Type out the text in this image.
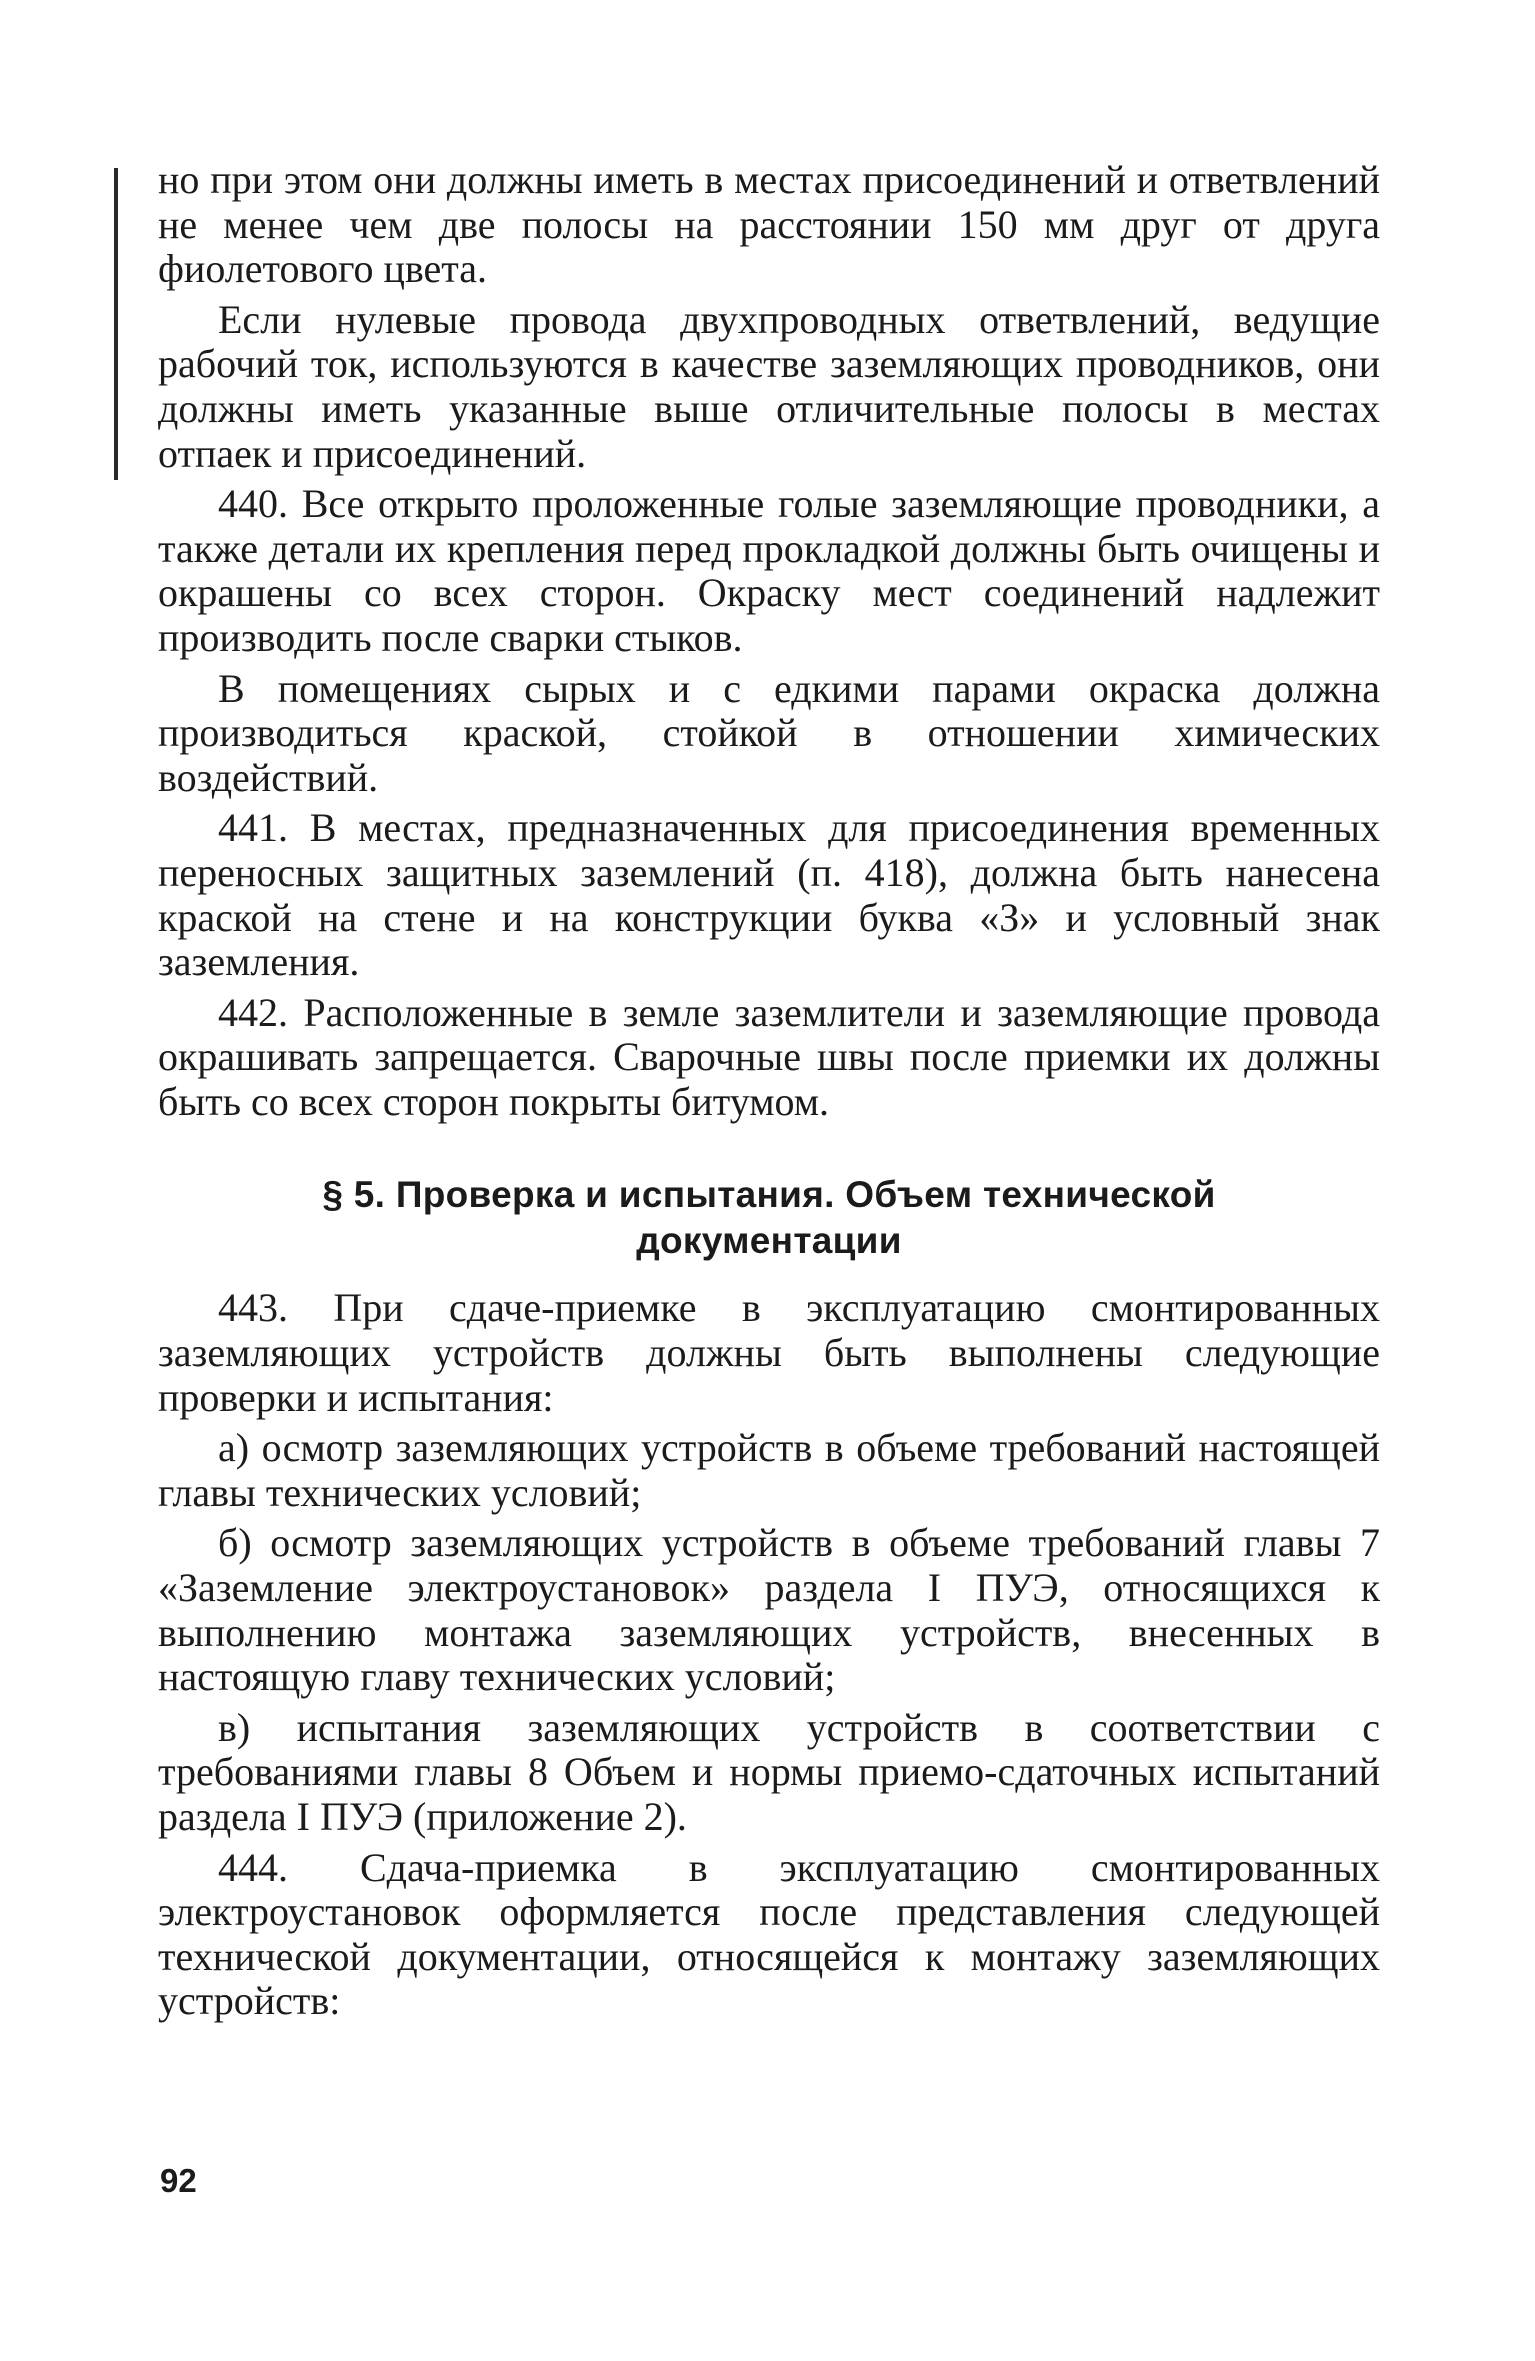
но при этом они должны иметь в местах присоединений и ответвлений не менее чем две полосы на расстоянии 150 мм друг от друга фиолетового цвета.

Если нулевые провода двухпроводных ответвлений, ведущие рабочий ток, используются в качестве заземляющих проводников, они должны иметь указанные выше отличительные полосы в местах отпаек и присоединений.

440. Все открыто проложенные голые заземляющие проводники, а также детали их крепления перед прокладкой должны быть очищены и окрашены со всех сторон. Окраску мест соединений надлежит производить после сварки стыков.

В помещениях сырых и с едкими парами окраска должна производиться краской, стойкой в отношении химических воздействий.

441. В местах, предназначенных для присоединения временных переносных защитных заземлений (п. 418), должна быть нанесена краской на стене и на конструкции буква «З» и условный знак заземления.

442. Расположенные в земле заземлители и заземляющие провода окрашивать запрещается. Сварочные швы после приемки их должны быть со всех сторон покрыты битумом.

§ 5. Проверка и испытания. Объем технической
документации

443. При сдаче-приемке в эксплуатацию смонтированных заземляющих устройств должны быть выполнены следующие проверки и испытания:

а) осмотр заземляющих устройств в объеме требований настоящей главы технических условий;

б) осмотр заземляющих устройств в объеме требований главы 7 «Заземление электроустановок» раздела I ПУЭ, относящихся к выполнению монтажа заземляющих устройств, внесенных в настоящую главу технических условий;

в) испытания заземляющих устройств в соответствии с требованиями главы 8 Объем и нормы приемо-сдаточных испытаний раздела I ПУЭ (приложение 2).

444. Сдача-приемка в эксплуатацию смонтированных электроустановок оформляется после представления следующей технической документации, относящейся к монтажу заземляющих устройств:

92
